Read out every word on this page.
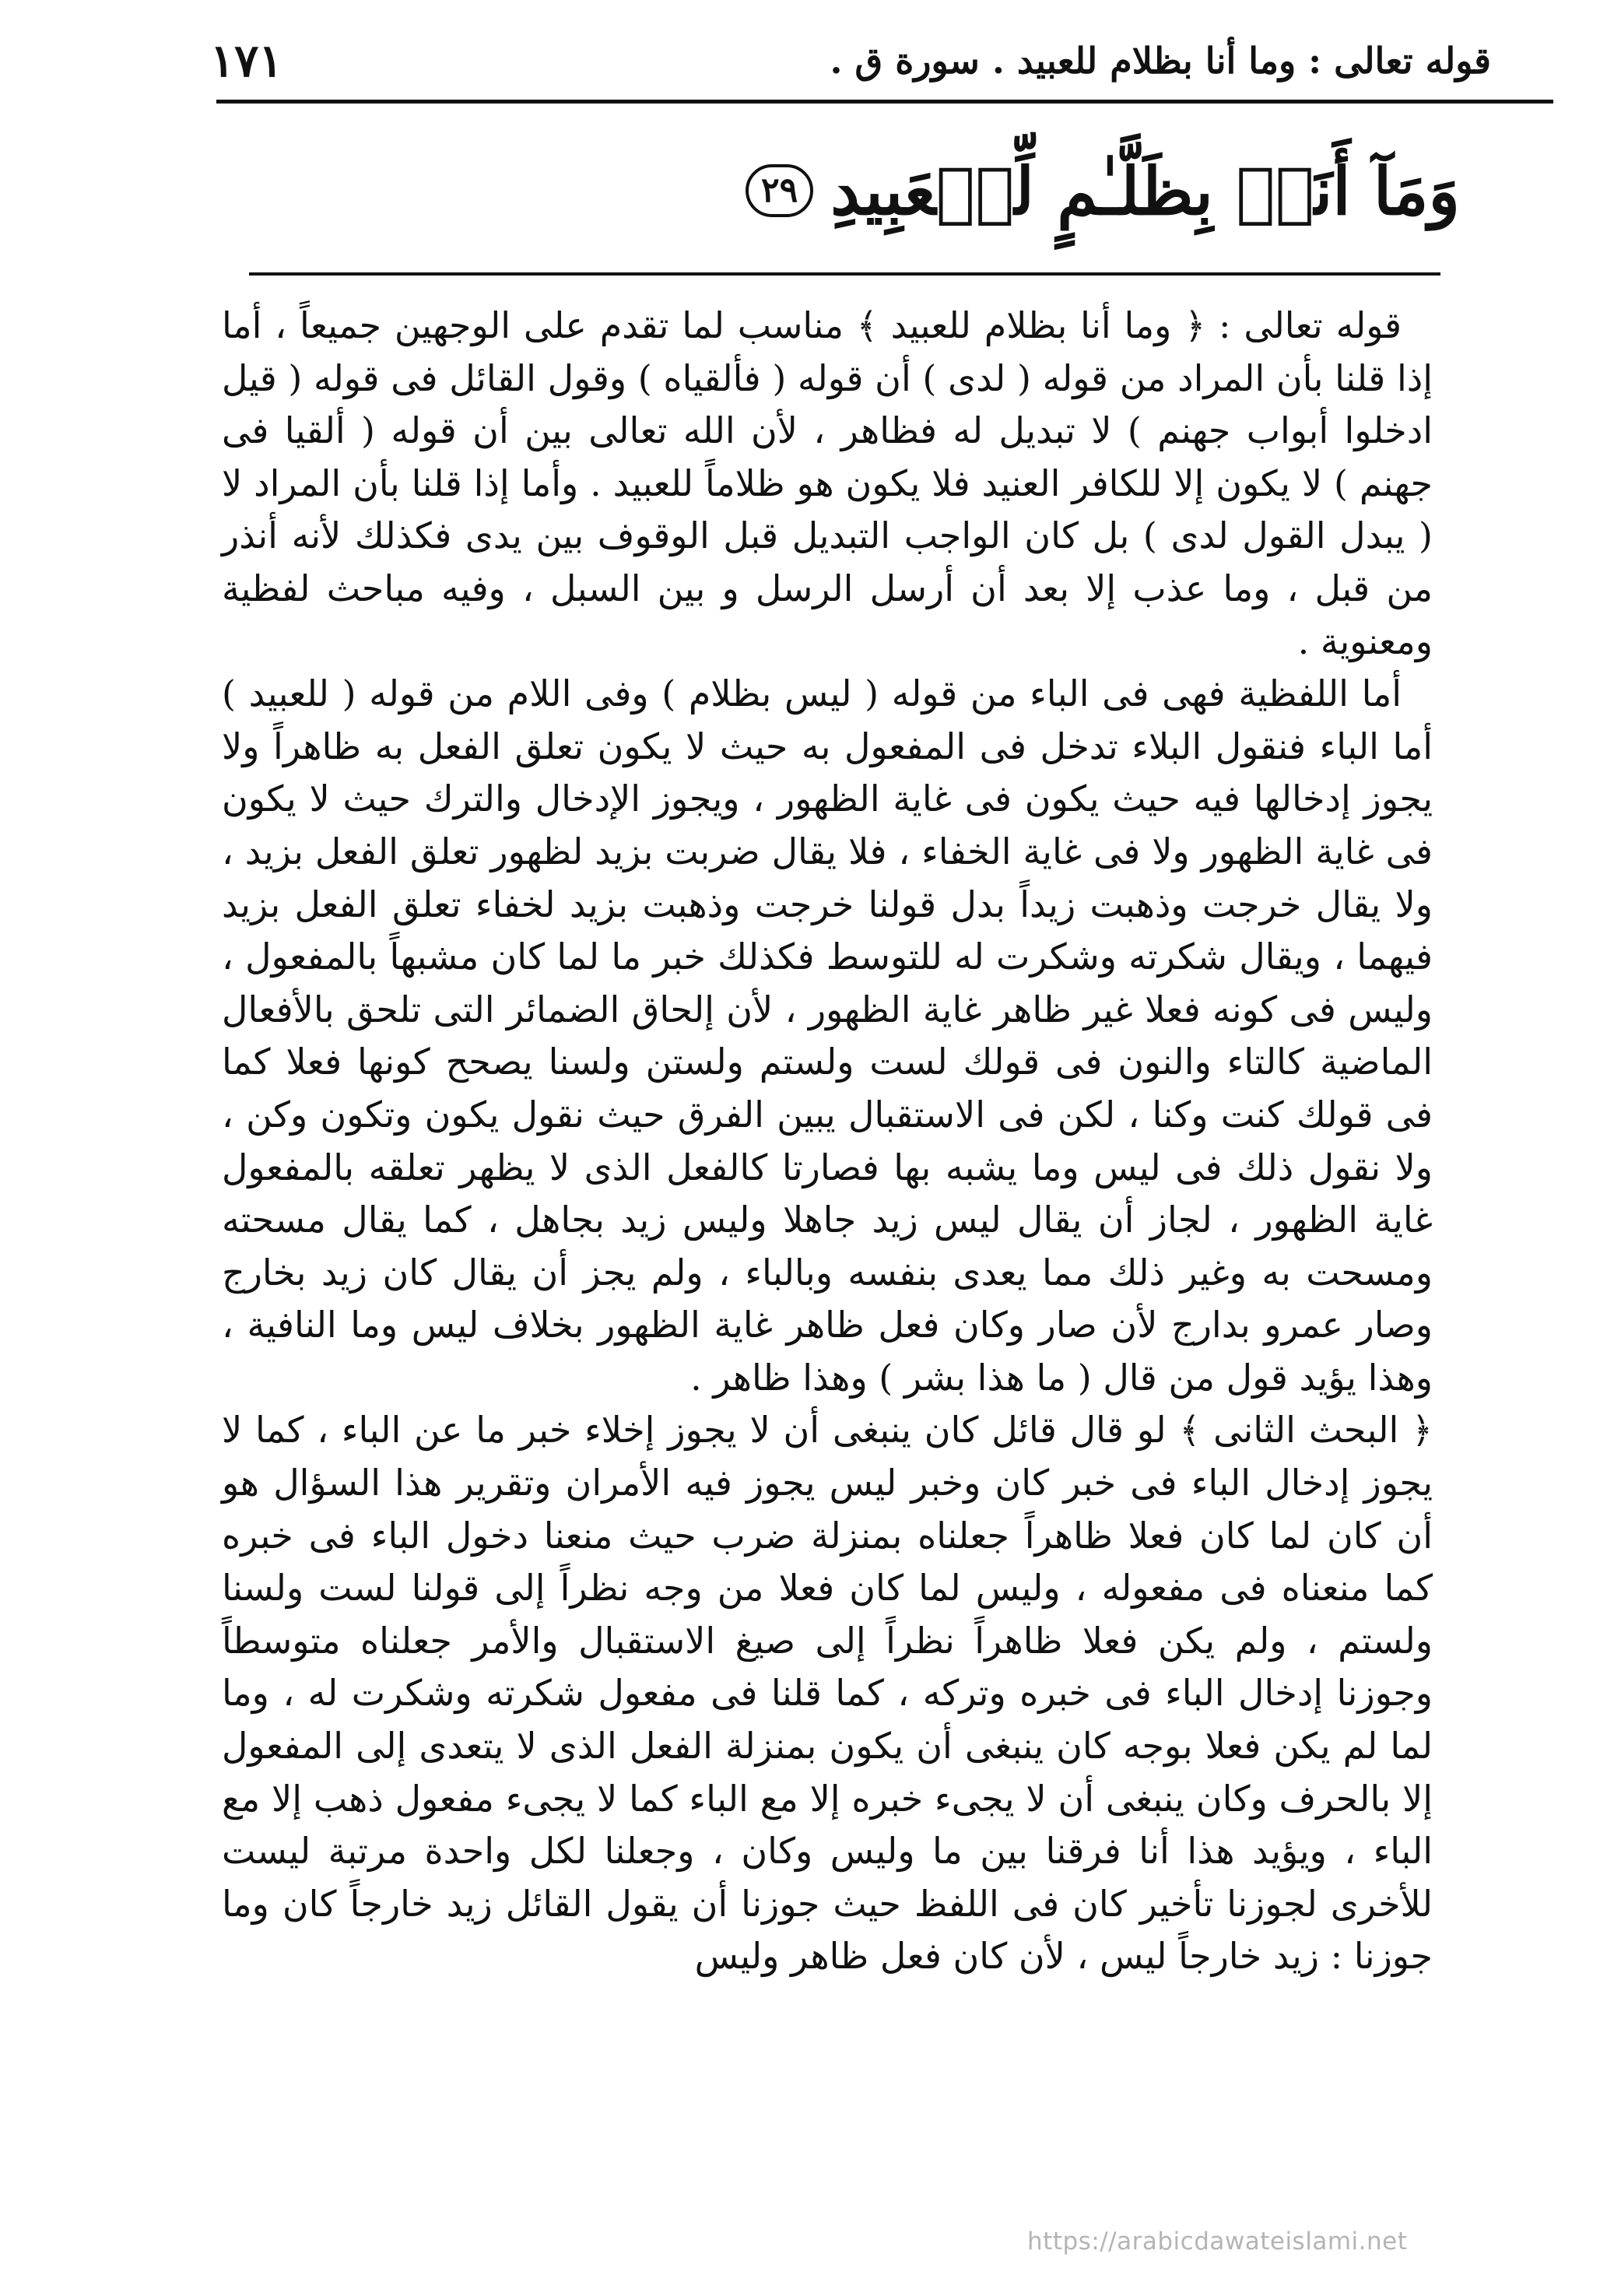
قوله تعالى : وما أنا بظلام للعبيد . سورة ق .
١٧١
وَمَآ أَنَا۠ بِظَلَّـٰمٍ لِّلۡعَبِيدِ
٢٩

قوله تعالى : ﴿ وما أنا بظلام للعبيد ﴾ مناسب لما تقدم على الوجهين جميعاً ، أما إذا قلنا بأن المراد من قوله ( لدى ) أن قوله ( فألقياه ) وقول القائل فى قوله ( قيل ادخلوا أبواب جهنم ) لا تبديل له فظاهر ، لأن الله تعالى بين أن قوله ( ألقيا فى جهنم ) لا يكون إلا للكافر العنيد فلا يكون هو ظلاماً للعبيد . وأما إذا قلنا بأن المراد لا ( يبدل القول لدى ) بل كان الواجب التبديل قبل الوقوف بين يدى فكذلك لأنه أنذر من قبل ، وما عذب إلا بعد أن أرسل الرسل و بين السبل ، وفيه مباحث لفظية ومعنوية .

أما اللفظية فهى فى الباء من قوله ( ليس بظلام ) وفى اللام من قوله ( للعبيد ) أما الباء فنقول البلاء تدخل فى المفعول به حيث لا يكون تعلق الفعل به ظاهراً ولا يجوز إدخالها فيه حيث يكون فى غاية الظهور ، ويجوز الإدخال والترك حيث لا يكون فى غاية الظهور ولا فى غاية الخفاء ، فلا يقال ضربت بزيد لظهور تعلق الفعل بزيد ، ولا يقال خرجت وذهبت زيداً بدل قولنا خرجت وذهبت بزيد لخفاء تعلق الفعل بزيد فيهما ، ويقال شكرته وشكرت له للتوسط فكذلك خبر ما لما كان مشبهاً بالمفعول ، وليس فى كونه فعلا غير ظاهر غاية الظهور ، لأن إلحاق الضمائر التى تلحق بالأفعال الماضية كالتاء والنون فى قولك لست ولستم ولستن ولسنا يصحح كونها فعلا كما فى قولك كنت وكنا ، لكن فى الاستقبال يبين الفرق حيث نقول يكون وتكون وكن ، ولا نقول ذلك فى ليس وما يشبه بها فصارتا كالفعل الذى لا يظهر تعلقه بالمفعول غاية الظهور ، لجاز أن يقال ليس زيد جاهلا وليس زيد بجاهل ، كما يقال مسحته ومسحت به وغير ذلك مما يعدى بنفسه وبالباء ، ولم يجز أن يقال كان زيد بخارج وصار عمرو بدارج لأن صار وكان فعل ظاهر غاية الظهور بخلاف ليس وما النافية ، وهذا يؤيد قول من قال ( ما هذا بشر ) وهذا ظاهر .

﴿ البحث الثانى ﴾ لو قال قائل كان ينبغى أن لا يجوز إخلاء خبر ما عن الباء ، كما لا يجوز إدخال الباء فى خبر كان وخبر ليس يجوز فيه الأمران وتقرير هذا السؤال هو أن كان لما كان فعلا ظاهراً جعلناه بمنزلة ضرب حيث منعنا دخول الباء فى خبره كما منعناه فى مفعوله ، وليس لما كان فعلا من وجه نظراً إلى قولنا لست ولسنا ولستم ، ولم يكن فعلا ظاهراً نظراً إلى صيغ الاستقبال والأمر جعلناه متوسطاً وجوزنا إدخال الباء فى خبره وتركه ، كما قلنا فى مفعول شكرته وشكرت له ، وما لما لم يكن فعلا بوجه كان ينبغى أن يكون بمنزلة الفعل الذى لا يتعدى إلى المفعول إلا بالحرف وكان ينبغى أن لا يجىء خبره إلا مع الباء كما لا يجىء مفعول ذهب إلا مع الباء ، ويؤيد هذا أنا فرقنا بين ما وليس وكان ، وجعلنا لكل واحدة مرتبة ليست للأخرى لجوزنا تأخير كان فى اللفظ حيث جوزنا أن يقول القائل زيد خارجاً كان وما جوزنا : زيد خارجاً ليس ، لأن كان فعل ظاهر وليس

https://arabicdawateislami.net
